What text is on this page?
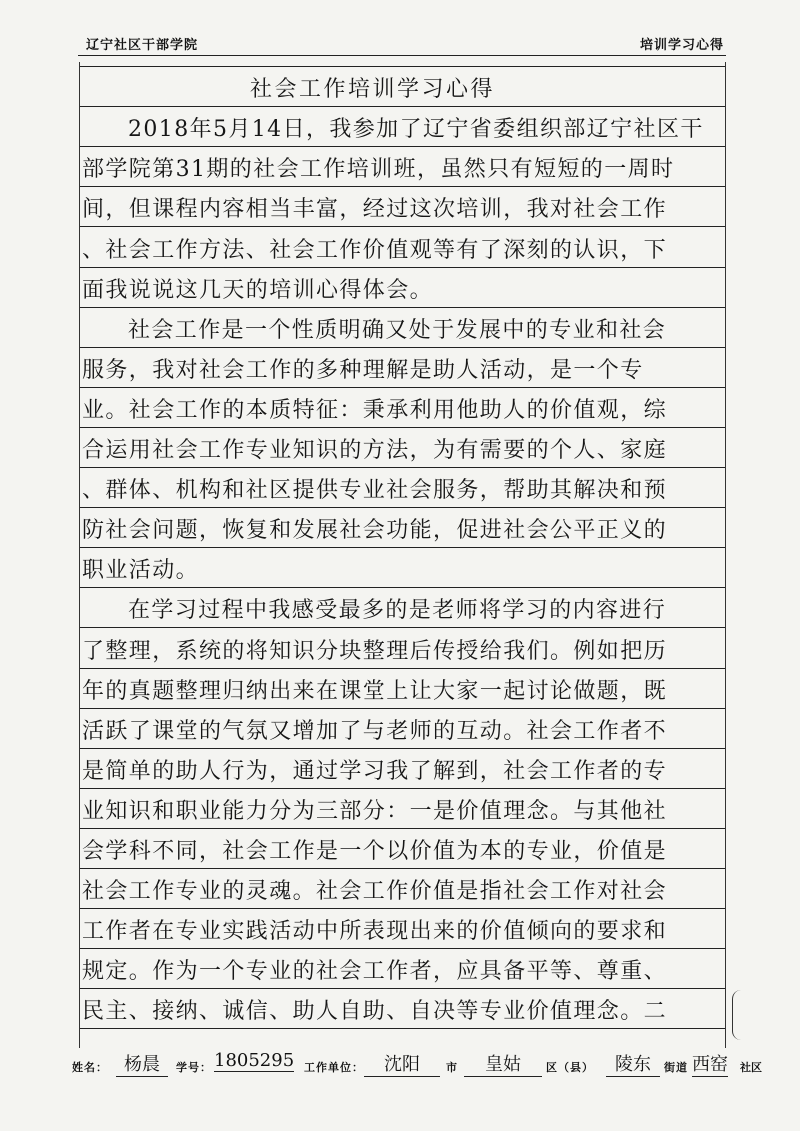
辽宁社区干部学院	培训学习心得
社会工作培训学习心得
2018年5月14日，我参加了辽宁省委组织部辽宁社区干
部学院第31期的社会工作培训班，虽然只有短短的一周时
间，但课程内容相当丰富，经过这次培训，我对社会工作
、社会工作方法、社会工作价值观等有了深刻的认识，下
面我说说这几天的培训心得体会。
社会工作是一个性质明确又处于发展中的专业和社会
服务，我对社会工作的多种理解是助人活动，是一个专
业。社会工作的本质特征：秉承利用他助人的价值观，综
合运用社会工作专业知识的方法，为有需要的个人、家庭
、群体、机构和社区提供专业社会服务，帮助其解决和预
防社会问题，恢复和发展社会功能，促进社会公平正义的
职业活动。
在学习过程中我感受最多的是老师将学习的内容进行
了整理，系统的将知识分块整理后传授给我们。例如把历
年的真题整理归纳出来在课堂上让大家一起讨论做题，既
活跃了课堂的气氛又增加了与老师的互动。社会工作者不
是简单的助人行为，通过学习我了解到，社会工作者的专
业知识和职业能力分为三部分：一是价值理念。与其他社
会学科不同，社会工作是一个以价值为本的专业，价值是
社会工作专业的灵魂。社会工作价值是指社会工作对社会
工作者在专业实践活动中所表现出来的价值倾向的要求和
规定。作为一个专业的社会工作者，应具备平等、尊重、
民主、接纳、诚信、助人自助、自决等专业价值理念。二
姓名： 杨晨	学号： 1805295 工作单位：	沈阳	市	皇姑	区（县）	陵东	街道 西窑 社区
